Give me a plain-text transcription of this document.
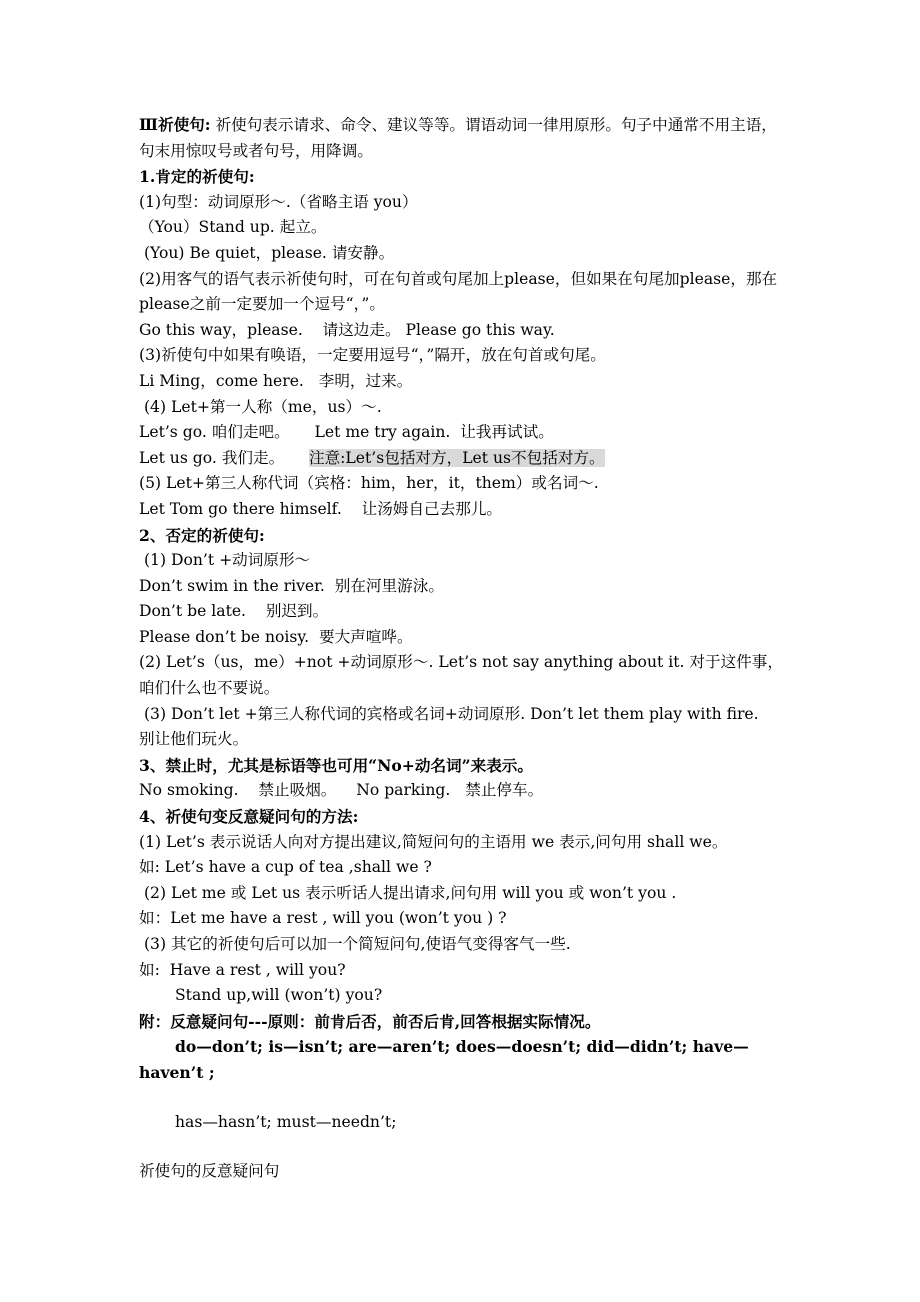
Ⅲ祈使句: 祈使句表示请求、命令、建议等等。谓语动词一律用原形。句子中通常不用主语，句末用惊叹号或者句号，用降调。
1.肯定的祈使句:
(1)句型：动词原形～.（省略主语 you）
（You）Stand up. 起立。
(You) Be quiet，please. 请安静。
(2)用客气的语气表示祈使句时，可在句首或句尾加上please，但如果在句尾加please，那在please之前一定要加一个逗号“，”。
Go this way，please.    请这边走。 Please go this way.
(3)祈使句中如果有唤语，一定要用逗号“，”隔开，放在句首或句尾。
Li Ming，come here.   李明，过来。
(4) Let+第一人称（me，us）～.
Let’s go. 咱们走吧。     Let me try again.  让我再试试。
Let us go. 我们走。     注意:Let’s包括对方，Let us不包括对方。
(5) Let+第三人称代词（宾格：him，her，it，them）或名词～.
Let Tom go there himself.    让汤姆自己去那儿。
2、否定的祈使句:
(1) Don’t +动词原形～
Don’t swim in the river.  别在河里游泳。
Don’t be late.    别迟到。
Please don’t be noisy.  要大声喧哗。
(2) Let’s（us，me）+not +动词原形～. Let’s not say anything about it. 对于这件事，咱们什么也不要说。
(3) Don’t let +第三人称代词的宾格或名词+动词原形. Don’t let them play with fire.                               别让他们玩火。
3、禁止时，尤其是标语等也可用“No+动名词”来表示。
No smoking.    禁止吸烟。    No parking.   禁止停车。
4、祈使句变反意疑问句的方法:
(1) Let’s 表示说话人向对方提出建议,简短问句的主语用 we 表示,问句用 shall we。
如: Let’s have a cup of tea ,shall we ?
(2) Let me 或 Let us 表示听话人提出请求,问句用 will you 或 won’t you .
如：Let me have a rest , will you (won’t you ) ?
(3) 其它的祈使句后可以加一个简短问句,使语气变得客气一些.
如:  Have a rest , will you?
Stand up,will (won’t) you?
附：反意疑问句---原则：前肯后否，前否后肯,回答根据实际情况。
do—don’t; is—isn’t; are—aren’t; does—doesn’t; did—didn’t; have—haven’t ;
has—hasn’t; must—needn’t;
祈使句的反意疑问句
